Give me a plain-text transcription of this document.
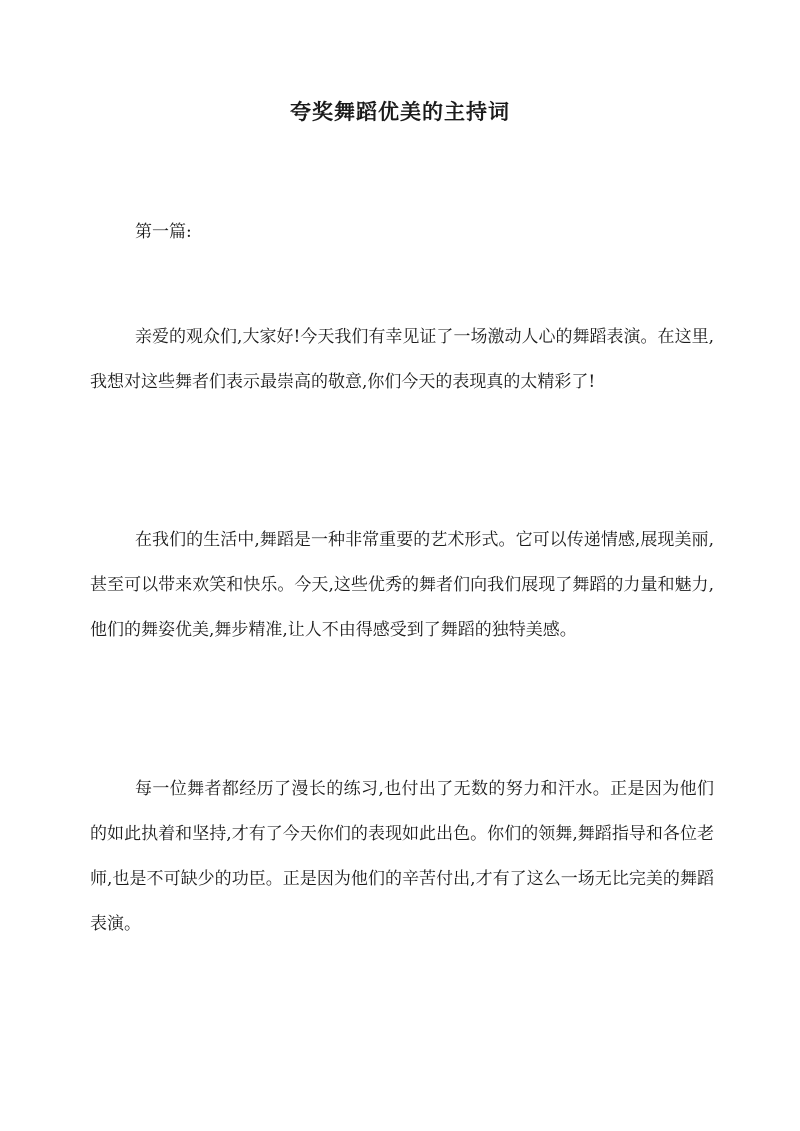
夸奖舞蹈优美的主持词
第一篇:

亲爱的观众们,大家好!今天我们有幸见证了一场激动人心的舞蹈表演。在这里,我想对这些舞者们表示最崇高的敬意,你们今天的表现真的太精彩了!

在我们的生活中,舞蹈是一种非常重要的艺术形式。它可以传递情感,展现美丽,甚至可以带来欢笑和快乐。今天,这些优秀的舞者们向我们展现了舞蹈的力量和魅力,他们的舞姿优美,舞步精准,让人不由得感受到了舞蹈的独特美感。

每一位舞者都经历了漫长的练习,也付出了无数的努力和汗水。正是因为他们的如此执着和坚持,才有了今天你们的表现如此出色。你们的领舞,舞蹈指导和各位老师,也是不可缺少的功臣。正是因为他们的辛苦付出,才有了这么一场无比完美的舞蹈表演。
